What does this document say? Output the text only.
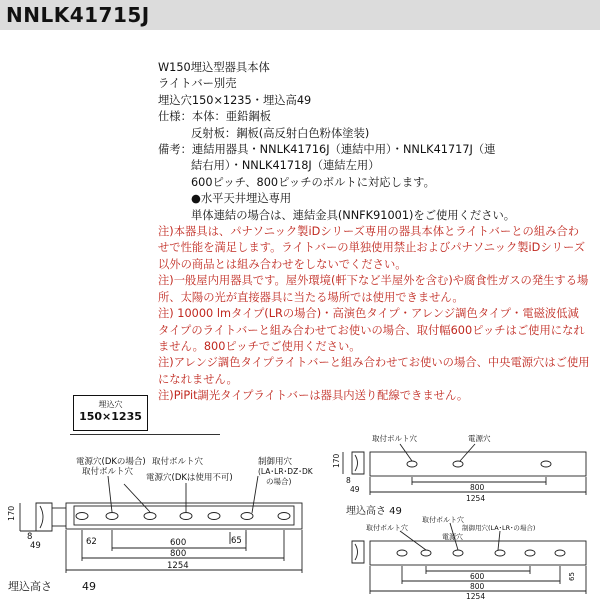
NNLK41715J
W150埋込型器具本体
ライトバー別売
埋込穴150×1235・埋込高49
仕様：本体：亜鉛鋼板
反射板：鋼板(高反射白色粉体塗装)
備考：連結用器具・NNLK41716J（連結中用）・NNLK41717J（連
結右用）・NNLK41718J（連結左用）
600ピッチ、800ピッチのボルトに対応します。
●水平天井埋込専用
単体連結の場合は、連結金具(NNFK91001)をご使用ください。
注)本器具は、パナソニック製iDシリーズ専用の器具本体とライトバーとの組み合わせで性能を満足します。ライトバーの単独使用禁止およびパナソニック製iDシリーズ以外の商品とは組み合わせをしないでください。
注)一般屋内用器具です。屋外環境(軒下など半屋外を含む)や腐食性ガスの発生する場所、太陽の光が直接器具に当たる場所では使用できません。
注) 10000 lmタイプ(LRの場合)・高演色タイプ・アレンジ調色タイプ・電磁波低減タイプのライトバーと組み合わせてお使いの場合、取付幅600ピッチはご使用になれません。800ピッチでご使用ください。
注)アレンジ調色タイプライトバーと組み合わせてお使いの場合、中央電源穴はご使用になれません。
注)PiPit調光タイプライトバーは器具内送り配線できません。
埋込穴
150×1235
電源穴(DKの場合)
取付ボルト穴
取付ボルト穴
電源穴(DKは使用不可)
制御用穴
(LA･LR･DZ･DK
の場合)
170
8
49	62	600
800
65
1254
埋込高さ	49
取付ボルト穴	電源穴
170
8
49	800
1254
埋込高さ 49
取付ボルト穴
取付ボルト穴	制御用穴(LA･LR･の場合)
電源穴
600
800
1254
65
